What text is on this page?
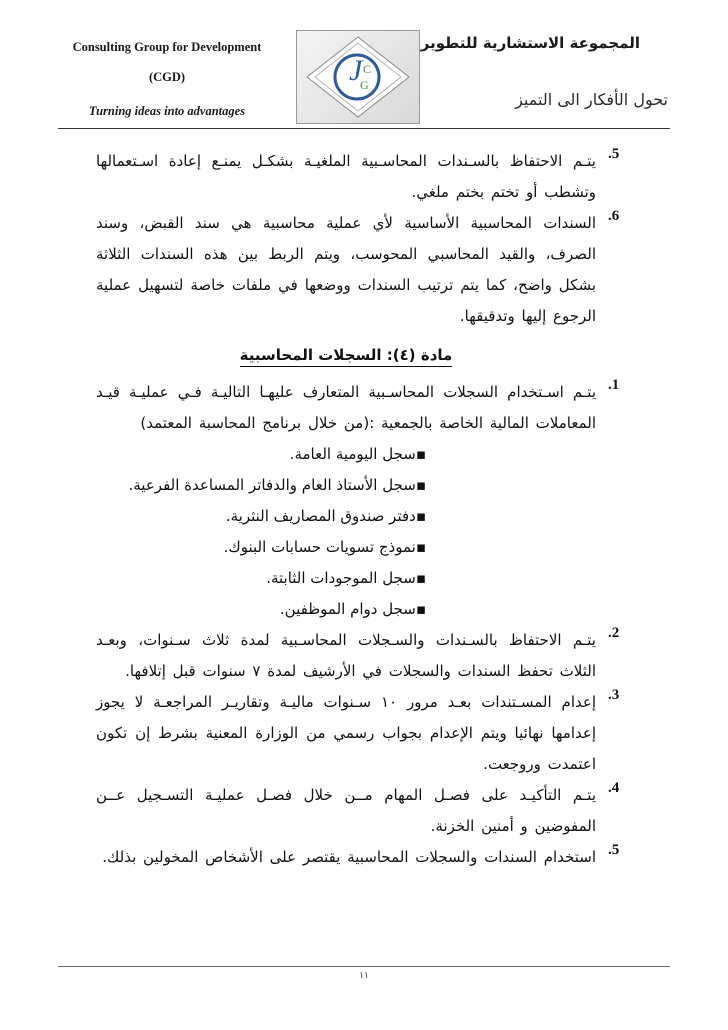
Consulting Group for Development
(CGD)
Turning ideas into advantages
J C
G
المجموعة الاستشارية للتطوير
تحول الأفكار الى التميز
.5
يتـم الاحتفاظ بالسـندات المحاسـبية الملغيـة بشكـل يمنـع إعادة اسـتعمالها وتشطب أو تختم بختم ملغي.
.6
السندات المحاسبية الأساسية لأي عملية محاسبية هي سند القبض، وسند الصرف، والقيد المحاسبي المحوسب، ويتم الربط بين هذه السندات الثلاثة بشكل واضح، كما يتم ترتيب السندات ووضعها في ملفات خاصة لتسهيل عملية الرجوع إليها وتدقيقها.
مادة (٤): السجلات المحاسبية
.1
يتـم اسـتخدام السجلات المحاسـبية المتعارف عليهـا التاليـة فـي عمليـة قيـد المعاملات المالية الخاصة بالجمعية :(من خلال برنامج المحاسبة المعتمد)
▪سجل اليومية العامة.
▪سجل الأستاذ العام والدفاتر المساعدة الفرعية.
▪دفتر صندوق المصاريف النثرية.
▪نموذج تسويات حسابات البنوك.
▪سجل الموجودات الثابتة.
▪سجل دوام الموظفين.
.2
يتـم الاحتفاظ بالسـندات والسـجلات المحاسـبية لمدة ثلاث سـنوات، وبعـد الثلاث تحفظ السندات والسجلات في الأرشيف لمدة ٧ سنوات قبل إتلافها.
.3
إعدام المسـتندات بعـد مرور ١٠ سـنوات ماليـة وتقاريـر المراجعـة لا يجوز إعدامها نهائيا ويتم الإعدام بجواب رسمي من الوزارة المعنية بشرط إن تكون اعتمدت وروجعت.
.4
يتـم التأكيـد على فصـل المهام مــن خلال فصـل عمليـة التسـجيل عــن المفوضين و أمنين الخزنة.
.5
استخدام السندات والسجلات المحاسبية يقتصر على الأشخاص المخولين بذلك.
١١
